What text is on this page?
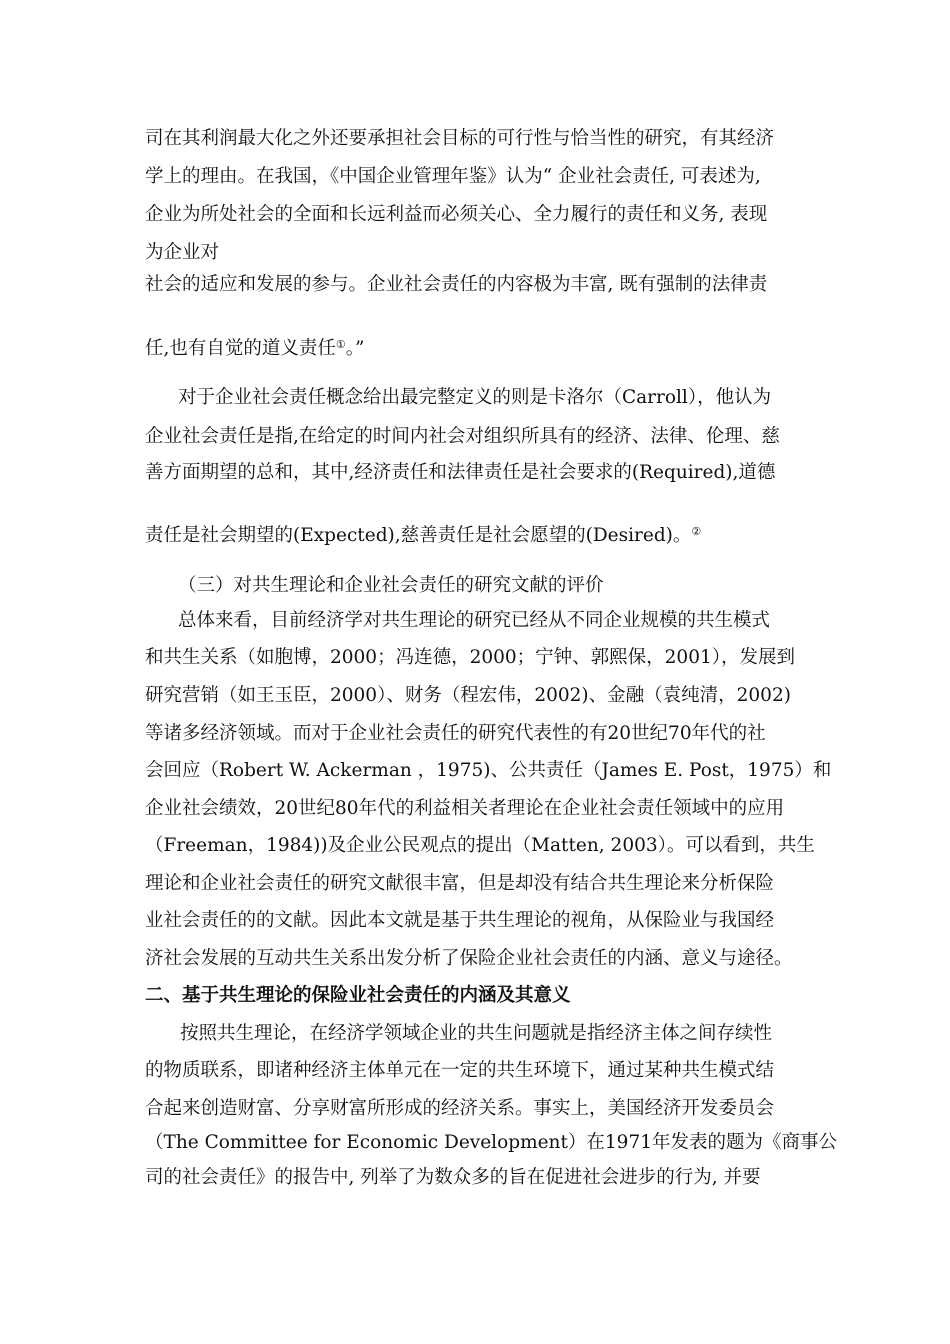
司在其利润最大化之外还要承担社会目标的可行性与恰当性的研究，有其经济
学上的理由。在我国，《中国企业管理年鉴》认为“ 企业社会责任, 可表述为,
企业为所处社会的全面和长远利益而必须关心、全力履行的责任和义务, 表现
为企业对
社会的适应和发展的参与。企业社会责任的内容极为丰富, 既有强制的法律责
任,也有自觉的道义责任①。”
对于企业社会责任概念给出最完整定义的则是卡洛尔（Carroll），他认为
企业社会责任是指,在给定的时间内社会对组织所具有的经济、法律、伦理、慈
善方面期望的总和，其中,经济责任和法律责任是社会要求的(Required),道德
责任是社会期望的(Expected),慈善责任是社会愿望的(Desired)。②
（三）对共生理论和企业社会责任的研究文献的评价
总体来看，目前经济学对共生理论的研究已经从不同企业规模的共生模式
和共生关系（如胞博，2000；冯连德，2000；宁钟、郭熙保，2001），发展到
研究营销（如王玉臣，2000）、财务（程宏伟，2002)、金融（袁纯清，2002)
等诸多经济领域。而对于企业社会责任的研究代表性的有20世纪70年代的社
会回应（Robert W. Ackerman ，1975)、公共责任（James E. Post，1975）和
企业社会绩效，20世纪80年代的利益相关者理论在企业社会责任领域中的应用
（Freeman，1984))及企业公民观点的提出（Matten, 2003）。可以看到，共生
理论和企业社会责任的研究文献很丰富，但是却没有结合共生理论来分析保险
业社会责任的的文献。因此本文就是基于共生理论的视角，从保险业与我国经
济社会发展的互动共生关系出发分析了保险企业社会责任的内涵、意义与途径。
二、基于共生理论的保险业社会责任的内涵及其意义
按照共生理论，在经济学领域企业的共生问题就是指经济主体之间存续性
的物质联系，即诸种经济主体单元在一定的共生环境下，通过某种共生模式结
合起来创造财富、分享财富所形成的经济关系。事实上，美国经济开发委员会
（The Committee for Economic Development）在1971年发表的题为《商事公
司的社会责任》的报告中, 列举了为数众多的旨在促进社会进步的行为, 并要
